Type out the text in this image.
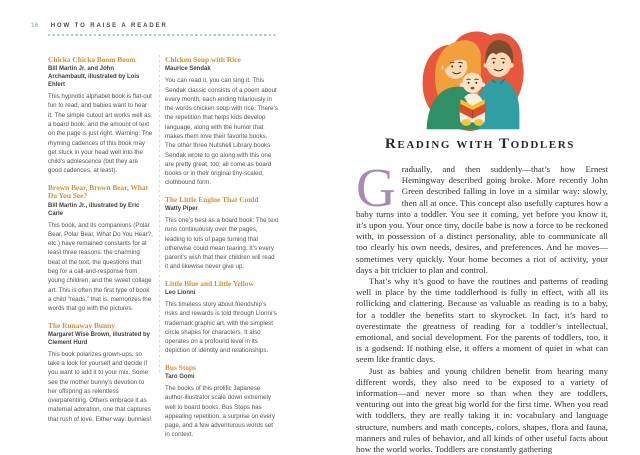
16 HOW TO RAISE A READER
Chicka Chicka Boom Boom
Bill Martin Jr. and John Archambault, illustrated by Lois Ehlert

This hypnotic alphabet book is flat-out fun to read, and babies want to hear it. The simple cutout art works well as a board book, and the amount of text on the page is just right. Warning: The rhyming cadences of this book may get stuck in your head well into the child’s adolescence (but they are good cadences, at least).

Brown Bear, Brown Bear, What Do You See?
Bill Martin Jr., illustrated by Eric Carle

This book, and its companions (Polar Bear, Polar Bear, What Do You Hear?, etc.) have remained constants for at least three reasons: the charming beat of the text, the questions that beg for a call-and-response from young children, and the sweet collage art. This is often the first type of book a child “reads,” that is, memorizes the words that go with the pictures.

The Runaway Bunny
Margaret Wise Brown, illustrated by Clement Hurd

This book polarizes grown-ups, so take a look for yourself and decide if you want to add it to your mix. Some see the mother bunny’s devotion to her offspring as relentless overparenting. Others embrace it as maternal adoration, one that captures that rush of love. Either way: bunnies!

Chicken Soup with Rice
Maurice Sendak

You can read it, you can sing it. This Sendak classic consists of a poem about every month, each ending hilariously in the words chicken soup with rice. There’s the repetition that helps kids develop language, along with the humor that makes them love their favorite books. The other three Nutshell Library books Sendak wrote to go along with this one are pretty great, too; all come as board books or in their original tiny-scaled, clothbound form.

The Little Engine That Could
Watty Piper

This one’s best as a board book: The text runs continuously over the pages, leading to lots of page turning that otherwise could mean tearing. It’s every parent’s wish that their children will read it and likewise never give up.

Little Blue and Little Yellow
Leo Lionni

This timeless story about friendship’s risks and rewards is told through Lionni’s trademark graphic art, with the simplest circle shapes for characters. It also operates on a profound level in its depiction of identity and relationships.

Bus Stops
Taro Gomi

The books of this prolific Japanese author-illustrator scale down extremely well to board books. Bus Stops has appealing repetition, a surprise on every page, and a few adventurous words set in context.

Reading with Toddlers

Gradually, and then suddenly—that’s how Ernest Hemingway described going broke. More recently John Green described falling in love in a similar way: slowly, then all at once. This concept also usefully captures how a baby turns into a toddler. You see it coming, yet before you know it, it’s upon you. Your once tiny, docile babe is now a force to be reckoned with, in possession of a distinct personality, able to communicate all too clearly his own needs, desires, and preferences. And he moves—sometimes very quickly. Your home becomes a riot of activity, your days a bit trickier to plan and control.

That’s why it’s good to have the routines and patterns of reading well in place by the time toddlerhood is fully in effect, with all its rollicking and clattering. Because as valuable as reading is to a baby, for a toddler the benefits start to skyrocket. In fact, it’s hard to overestimate the greatness of reading for a toddler’s intellectual, emotional, and social development. For the parents of toddlers, too, it is a godsend: If nothing else, it offers a moment of quiet in what can seem like frantic days.

Just as babies and young children benefit from hearing many different words, they also need to be exposed to a variety of information—and never more so than when they are toddlers, venturing out into the great big world for the first time. When you read with toddlers, they are really taking it in: vocabulary and language structure, numbers and math concepts, colors, shapes, flora and fauna, manners and rules of behavior, and all kinds of other useful facts about how the world works. Toddlers are constantly gathering
